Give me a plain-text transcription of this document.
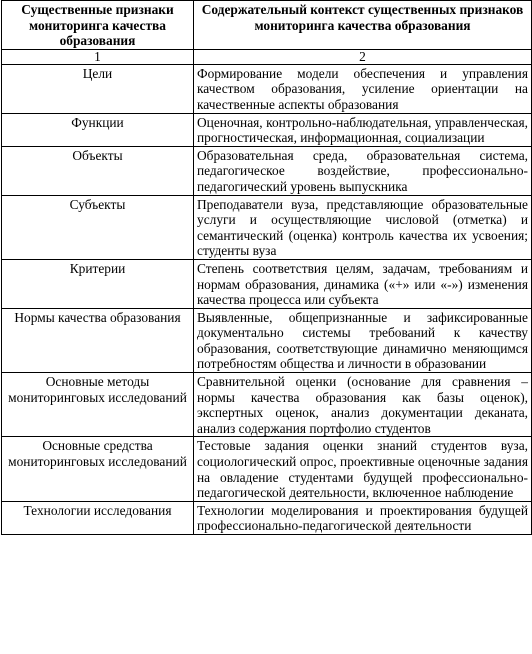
Существенные признаки мониторинга качества образования	Содержательный контекст существенных признаков мониторинга качества образования
1	2
Цели	Формирование модели обеспечения и управления качеством образования, усиление ориентации на качественные аспекты образования
Функции	Оценочная, контрольно-наблюдательная, управленческая, прогностическая, информационная, социализации
Объекты	Образовательная среда, образовательная система, педагогическое воздействие, профессионально-педагогический уровень выпускника
Субъекты	Преподаватели вуза, представляющие образовательные услуги и осуществляющие числовой (отметка) и семантический (оценка) контроль качества их усвоения; студенты вуза
Критерии	Степень соответствия целям, задачам, требованиям и нормам образования, динамика («+» или «-») изменения качества процесса или субъекта
Нормы качества образования	Выявленные, общепризнанные и зафиксированные документально системы требований к качеству образования, соответствующие динамично меняющимся потребностям общества и личности в образовании
Основные методы мониторинговых исследований	Сравнительной оценки (основание для сравнения – нормы качества образования как базы оценок), экспертных оценок, анализ документации деканата, анализ содержания портфолио студентов
Основные средства мониторинговых исследований	Тестовые задания оценки знаний студентов вуза, социологический опрос, проективные оценочные задания на овладение студентами будущей профессионально-педагогической деятельности, включенное наблюдение
Технологии исследования	Технологии моделирования и проектирования будущей профессионально-педагогической деятельности
